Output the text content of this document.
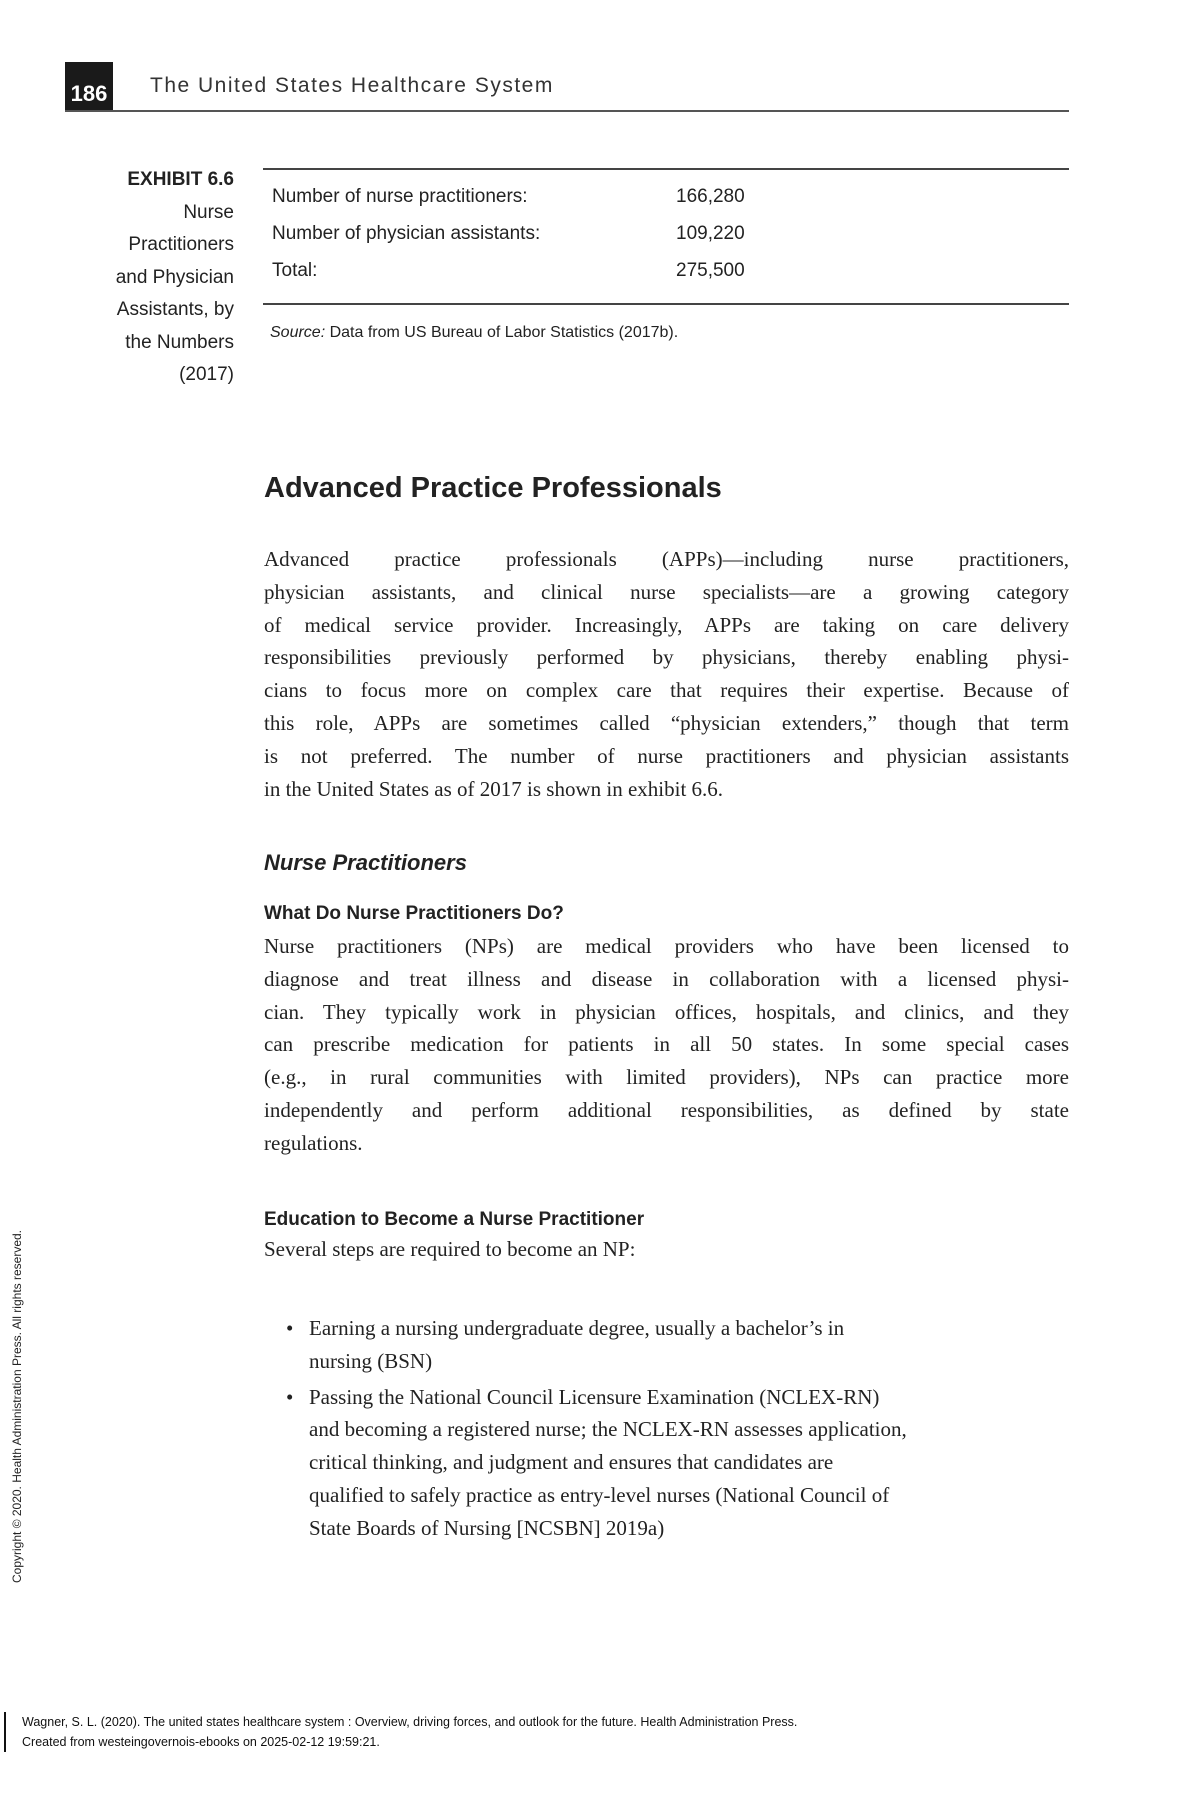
186 The United States Healthcare System
EXHIBIT 6.6
Nurse
Practitioners
and Physician
Assistants, by
the Numbers
(2017)
Number of nurse practitioners:	166,280
Number of physician assistants:	109,220
Total:	275,500
Source: Data from US Bureau of Labor Statistics (2017b).
Advanced Practice Professionals

Advanced practice professionals (APPs)—including nurse practitioners,
physician assistants, and clinical nurse specialists—are a growing category
of medical service provider. Increasingly, APPs are taking on care delivery
responsibilities previously performed by physicians, thereby enabling physi-
cians to focus more on complex care that requires their expertise. Because of
this role, APPs are sometimes called “physician extenders,” though that term
is not preferred. The number of nurse practitioners and physician assistants
in the United States as of 2017 is shown in exhibit 6.6.

Nurse Practitioners
What Do Nurse Practitioners Do?

Nurse practitioners (NPs) are medical providers who have been licensed to
diagnose and treat illness and disease in collaboration with a licensed physi-
cian. They typically work in physician offices, hospitals, and clinics, and they
can prescribe medication for patients in all 50 states. In some special cases
(e.g., in rural communities with limited providers), NPs can practice more
independently and perform additional responsibilities, as defined by state
regulations.

Education to Become a Nurse Practitioner
Several steps are required to become an NP:
• Earning a nursing undergraduate degree, usually a bachelor’s in
nursing (BSN)
• Passing the National Council Licensure Examination (NCLEX-RN)
and becoming a registered nurse; the NCLEX-RN assesses application,
critical thinking, and judgment and ensures that candidates are
qualified to safely practice as entry-level nurses (National Council of
State Boards of Nursing [NCSBN] 2019a)
Copyright © 2020. Health Administration Press. All rights reserved.
Wagner, S. L. (2020). The united states healthcare system : Overview, driving forces, and outlook for the future. Health Administration Press.
Created from westeingovernois-ebooks on 2025-02-12 19:59:21.
